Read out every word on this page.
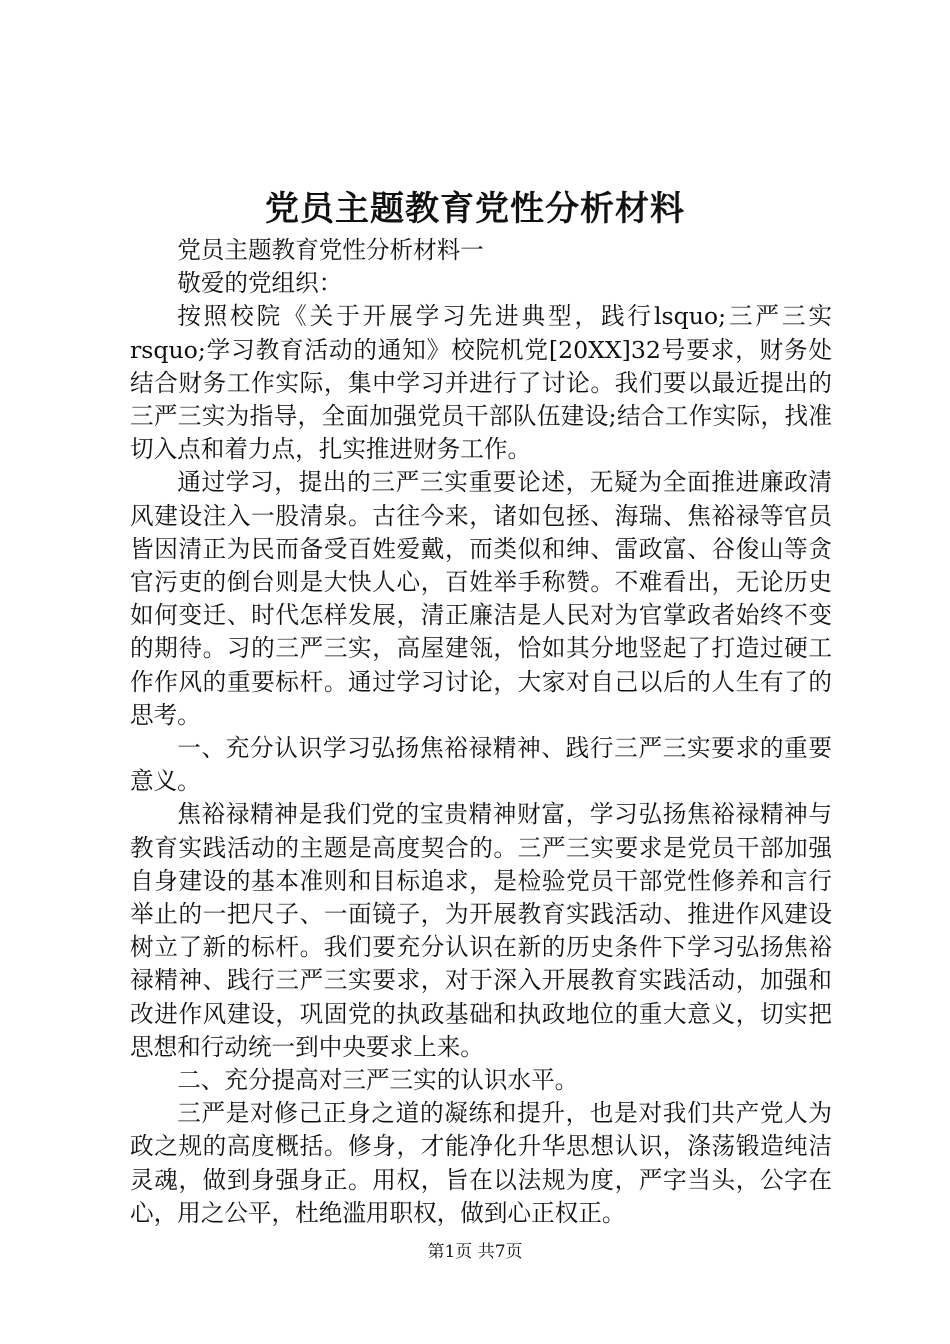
党员主题教育党性分析材料

党员主题教育党性分析材料一

敬爱的党组织：

按照校院《关于开展学习先进典型，践行lsquo;三严三实rsquo;学习教育活动的通知》校院机党[20XX]32号要求，财务处结合财务工作实际，集中学习并进行了讨论。我们要以最近提出的三严三实为指导，全面加强党员干部队伍建设;结合工作实际，找准切入点和着力点，扎实推进财务工作。

通过学习，提出的三严三实重要论述，无疑为全面推进廉政清风建设注入一股清泉。古往今来，诸如包拯、海瑞、焦裕禄等官员皆因清正为民而备受百姓爱戴，而类似和绅、雷政富、谷俊山等贪官污吏的倒台则是大快人心，百姓举手称赞。不难看出，无论历史如何变迁、时代怎样发展，清正廉洁是人民对为官掌政者始终不变的期待。习的三严三实，高屋建瓴，恰如其分地竖起了打造过硬工作作风的重要标杆。通过学习讨论，大家对自己以后的人生有了的思考。

一、充分认识学习弘扬焦裕禄精神、践行三严三实要求的重要意义。

焦裕禄精神是我们党的宝贵精神财富，学习弘扬焦裕禄精神与教育实践活动的主题是高度契合的。三严三实要求是党员干部加强自身建设的基本准则和目标追求，是检验党员干部党性修养和言行举止的一把尺子、一面镜子，为开展教育实践活动、推进作风建设树立了新的标杆。我们要充分认识在新的历史条件下学习弘扬焦裕禄精神、践行三严三实要求，对于深入开展教育实践活动，加强和改进作风建设，巩固党的执政基础和执政地位的重大意义，切实把思想和行动统一到中央要求上来。

二、充分提高对三严三实的认识水平。

三严是对修己正身之道的凝练和提升，也是对我们共产党人为政之规的高度概括。修身，才能净化升华思想认识，涤荡锻造纯洁灵魂，做到身强身正。用权，旨在以法规为度，严字当头，公字在心，用之公平，杜绝滥用职权，做到心正权正。

第1页 共7页
